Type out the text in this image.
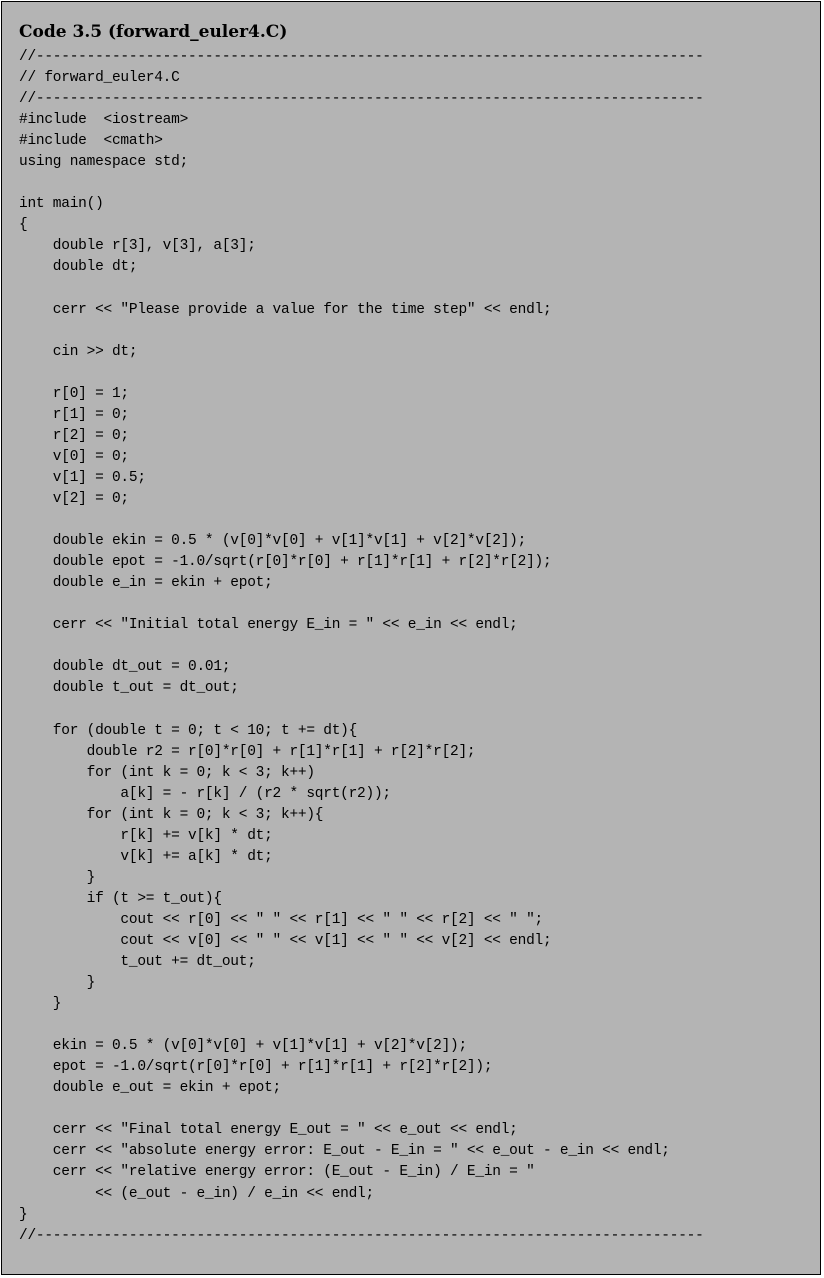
Code 3.5 (forward_euler4.C)
//-------------------------------------------------------------------------------
// forward_euler4.C
//-------------------------------------------------------------------------------
#include  <iostream>
#include  <cmath>
using namespace std;

int main()
{
double r[3], v[3], a[3];
double dt;

cerr << "Please provide a value for the time step" << endl;

cin >> dt;

r[0] = 1;
r[1] = 0;
r[2] = 0;
v[0] = 0;
v[1] = 0.5;
v[2] = 0;

double ekin = 0.5 * (v[0]*v[0] + v[1]*v[1] + v[2]*v[2]);
double epot = -1.0/sqrt(r[0]*r[0] + r[1]*r[1] + r[2]*r[2]);
double e_in = ekin + epot;

cerr << "Initial total energy E_in = " << e_in << endl;

double dt_out = 0.01;
double t_out = dt_out;

for (double t = 0; t < 10; t += dt){
double r2 = r[0]*r[0] + r[1]*r[1] + r[2]*r[2];
for (int k = 0; k < 3; k++)
a[k] = - r[k] / (r2 * sqrt(r2));
for (int k = 0; k < 3; k++){
r[k] += v[k] * dt;
v[k] += a[k] * dt;
}
if (t >= t_out){
cout << r[0] << " " << r[1] << " " << r[2] << " ";
cout << v[0] << " " << v[1] << " " << v[2] << endl;
t_out += dt_out;
}
}

ekin = 0.5 * (v[0]*v[0] + v[1]*v[1] + v[2]*v[2]);
epot = -1.0/sqrt(r[0]*r[0] + r[1]*r[1] + r[2]*r[2]);
double e_out = ekin + epot;

cerr << "Final total energy E_out = " << e_out << endl;
cerr << "absolute energy error: E_out - E_in = " << e_out - e_in << endl;
cerr << "relative energy error: (E_out - E_in) / E_in = "
<< (e_out - e_in) / e_in << endl;
}
//-------------------------------------------------------------------------------
